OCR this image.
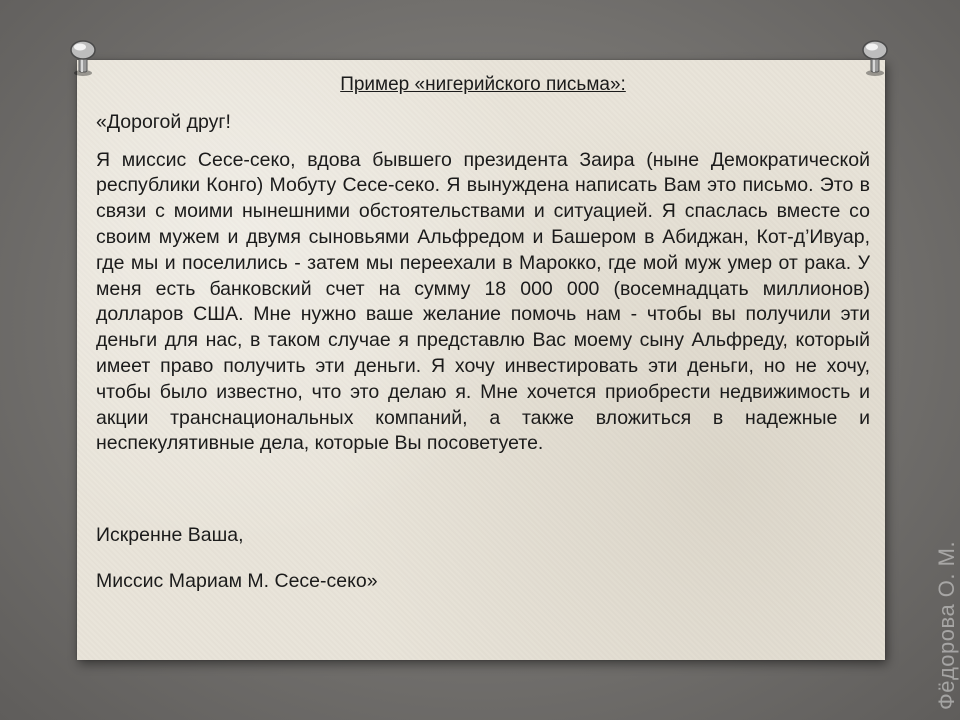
Пример «нигерийского письма»:

«Дорогой друг!

Я миссис Сесе-секо, вдова бывшего президента Заира (ныне Демократической республики Конго) Мобуту Сесе-секо. Я вынуждена написать Вам это письмо. Это в связи с моими нынешними обстоятельствами и ситуацией. Я спаслась вместе со своим мужем и двумя сыновьями Альфредом и Башером в Абиджан, Кот-д’Ивуар, где мы и поселились - затем мы переехали в Марокко, где мой муж умер от рака. У меня есть банковский счет на сумму 18 000 000 (восемнадцать миллионов) долларов США. Мне нужно ваше желание помочь нам - чтобы вы получили эти деньги для нас, в таком случае я представлю Вас моему сыну Альфреду, который имеет право получить эти деньги. Я хочу инвестировать эти деньги, но не хочу, чтобы было известно, что это делаю я. Мне хочется приобрести недвижимость и акции транснациональных компаний, а также вложиться в надежные и неспекулятивные дела, которые Вы посоветуете.

Искренне Ваша,

Миссис Мариам М. Сесе-секо»	Фёдорова О. М.
